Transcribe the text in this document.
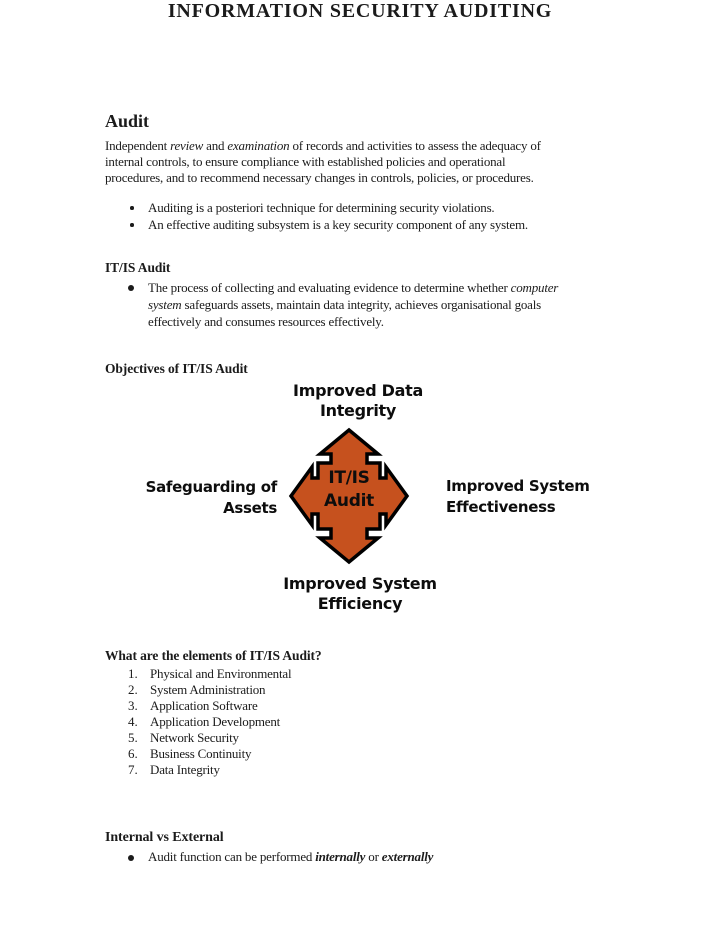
INFORMATION SECURITY AUDITING
Audit
Independent review and examination of records and activities to assess the adequacy of
internal controls, to ensure compliance with established policies and operational
procedures, and to recommend necessary changes in controls, policies, or procedures.
Auditing is a posteriori technique for determining security violations.
An effective auditing subsystem is a key security component of any system.
IT/IS Audit
The process of collecting and evaluating evidence to determine whether computer
system safeguards assets, maintain data integrity, achieves organisational goals
effectively and consumes resources effectively.
Objectives of IT/IS Audit
Improved Data
Integrity
Safeguarding of
Assets
Improved System
Effectiveness
Improved System
Efficiency
IT/IS
Audit
What are the elements of IT/IS Audit?
1. Physical and Environmental
2. System Administration
3. Application Software
4. Application Development
5. Network Security
6. Business Continuity
7. Data Integrity
Internal vs External
Audit function can be performed internally or externally
